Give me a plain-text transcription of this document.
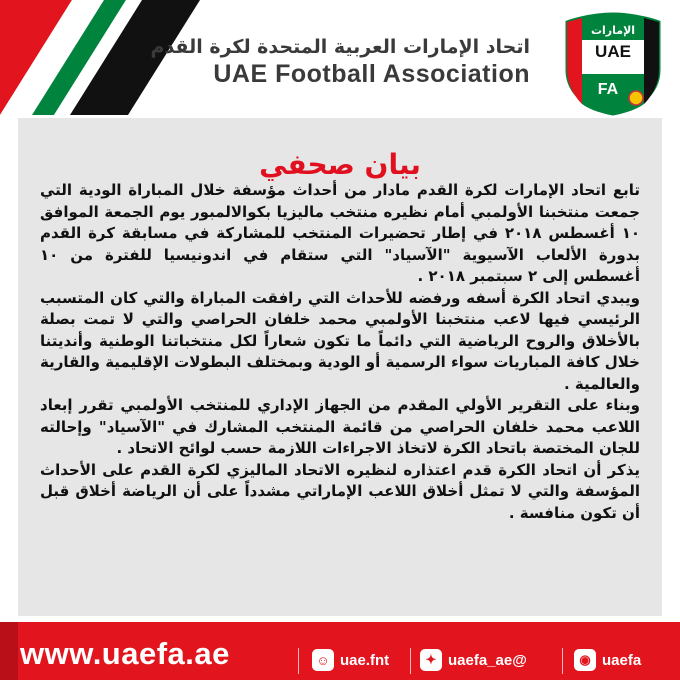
اتحاد الإمارات العربية المتحدة لكرة القدم
UAE Football Association
الإمارات
UAE
FA
بيان صحفي

تابع اتحاد الإمارات لكرة القدم مادار من أحداث مؤسفة خلال المباراة الودية التي جمعت منتخبنا الأولمبي أمام نظيره منتخب ماليزيا بكوالالمبور يوم الجمعة الموافق ١٠ أغسطس ٢٠١٨ في إطار تحضيرات المنتخب للمشاركة في مسابقة كرة القدم بدورة الألعاب الآسيوية "الآسياد" التي ستقام في اندونيسيا للفترة من ١٠ أغسطس إلى ٢ سبتمبر ٢٠١٨ .

ويبدي اتحاد الكرة أسفه ورفضه للأحداث التي رافقت المباراة والتي كان المتسبب الرئيسي فيها لاعب منتخبنا الأولمبي محمد خلفان الحراصي والتي لا تمت بصلة بالأخلاق والروح الرياضية التي دائماً ما تكون شعاراً لكل منتخباتنا الوطنية وأنديتنا خلال كافة المباريات سواء الرسمية أو الودية وبمختلف البطولات الإقليمية والقارية والعالمية .

وبناء على التقرير الأولي المقدم من الجهاز الإداري للمنتخب الأولمبي تقرر إبعاد اللاعب محمد خلفان الحراصي من قائمة المنتخب المشارك في "الآسياد" وإحالته للجان المختصة باتحاد الكرة لاتخاذ الاجراءات اللازمة حسب لوائح الاتحاد .

يذكر أن اتحاد الكرة قدم اعتذاره لنظيره الاتحاد الماليزي لكرة القدم على الأحداث المؤسفة والتي لا تمثل أخلاق اللاعب الإماراتي مشدداً على أن الرياضة أخلاق قبل أن تكون منافسة .

www.uaefa.ae	☺ uae.fnt	✦ uaefa_ae@	◉ uaefa
